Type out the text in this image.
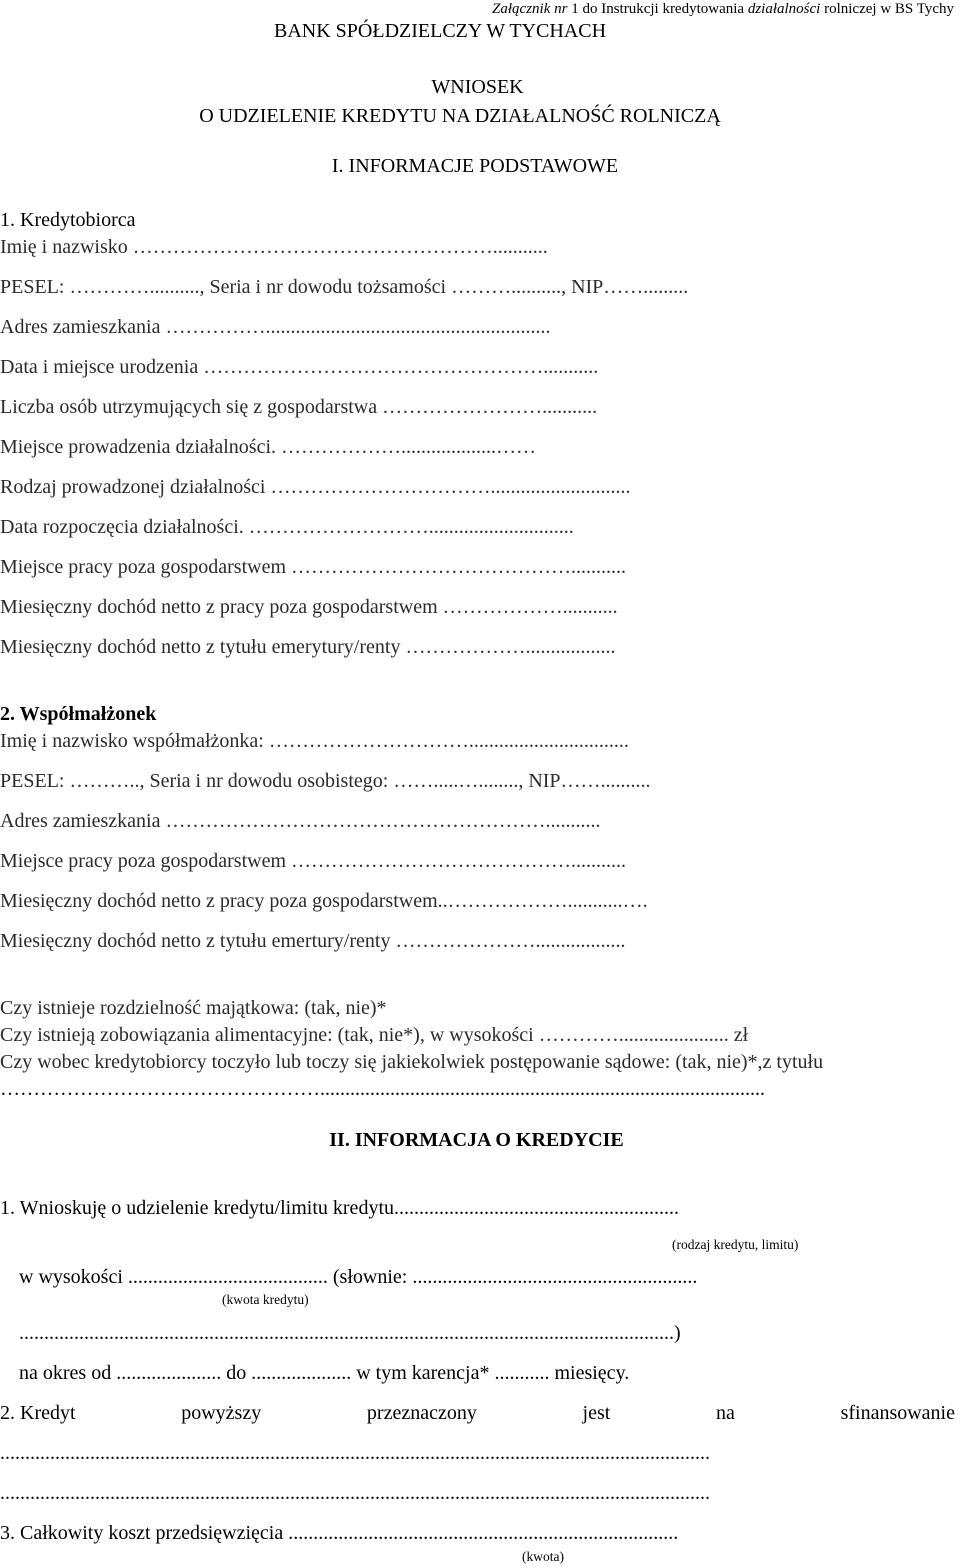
Załącznik nr 1 do Instrukcji kredytowania działalności rolniczej w BS Tychy
BANK SPÓŁDZIELCZY W TYCHACH
WNIOSEK
O UDZIELENIE KREDYTU NA DZIAŁALNOŚĆ ROLNICZĄ
I. INFORMACJE PODSTAWOWE
1. Kredytobiorca
Imię i nazwisko ………………………………………………...........
PESEL: ………….........., Seria i nr dowodu tożsamości ……….........., NIP…….........
Adres zamieszkania …………….........................................................
Data i miejsce urodzenia ……………………………………………...........
Liczba osób utrzymujących się z gospodarstwa ……………………...........
Miejsce prowadzenia działalności. ………………...................……
Rodzaj prowadzonej działalności ……………………………............................
Data rozpoczęcia działalności. ……………………….............................
Miejsce pracy poza gospodarstwem ……………………………………...........
Miesięczny dochód netto z pracy poza gospodarstwem ………………...........
Miesięczny dochód netto z tytułu emerytury/renty ………………..................
2. Współmałżonek
Imię i nazwisko współmałżonka: …………………………................................
PESEL: ……….., Seria i nr dowodu osobistego: …….....…........, NIP……..........
Adres zamieszkania …………………………………………………...........
Miejsce pracy poza gospodarstwem ……………………………………...........
Miesięczny dochód netto z pracy poza gospodarstwem..………………...........….
Miesięczny dochód netto z tytułu emertury/renty …………………..................
Czy istnieje rozdzielność majątkowa: (tak, nie)*
Czy istnieją zobowiązania alimentacyjne: (tak, nie*), w wysokości …………...................... zł
Czy wobec kredytobiorcy toczyło lub toczy się jakiekolwiek postępowanie sądowe: (tak, nie)*,z tytułu
………………………………………….........................................................................................
II. INFORMACJA O KREDYCIE
1. Wnioskuję o udzielenie kredytu/limitu kredytu.........................................................
(rodzaj kredytu, limitu)
w wysokości ........................................ (słownie: .........................................................
(kwota kredytu)
...................................................................................................................................)
na okres od ..................... do .................... w tym karencja* ........... miesięcy.
2. Kredyt	powyższy	przeznaczony	jest	na	sfinansowanie
..............................................................................................................................................
..............................................................................................................................................
3. Całkowity koszt przedsięwzięcia ..............................................................................
(kwota)
